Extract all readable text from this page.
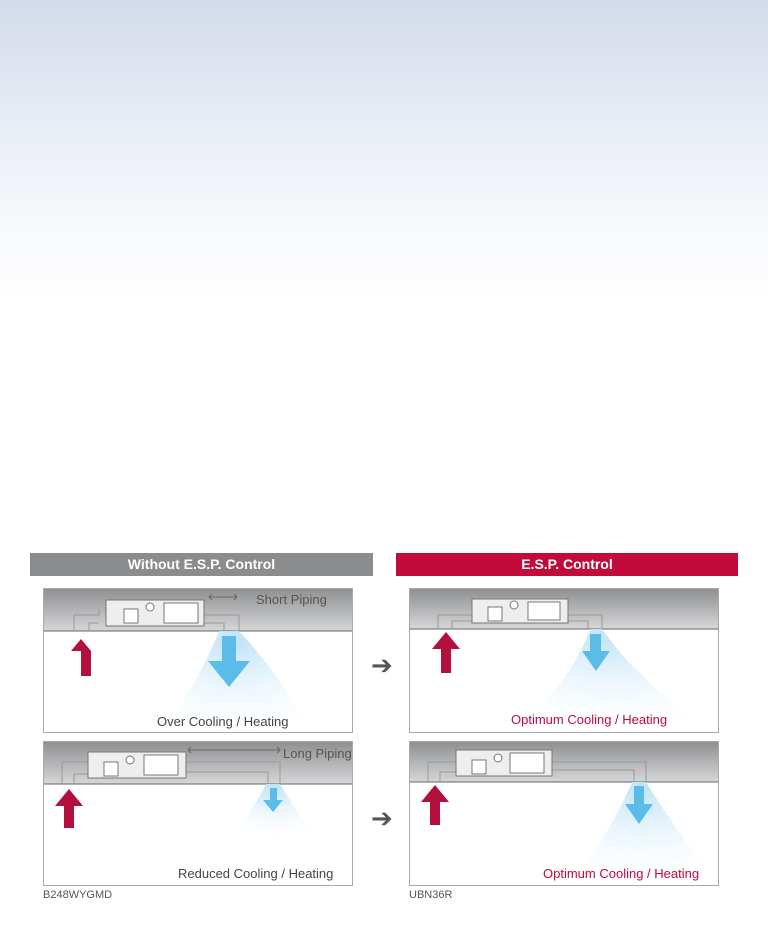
Without E.S.P. Control	E.S.P. Control
Short Piping
Over Cooling / Heating	Optimum Cooling / Heating
Long Piping
Reduced Cooling / Heating	Optimum Cooling / Heating
➔
➔
B248WYGMD	UBN36R
